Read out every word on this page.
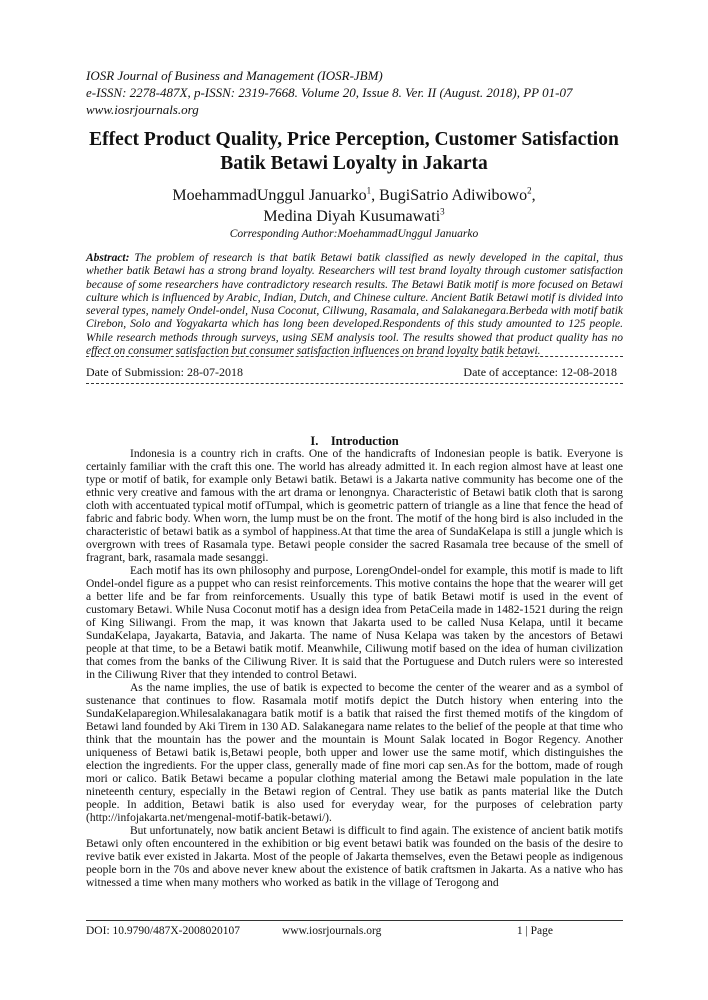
IOSR Journal of Business and Management (IOSR-JBM)
e-ISSN: 2278-487X, p-ISSN: 2319-7668. Volume 20, Issue 8. Ver. II (August. 2018), PP 01-07
www.iosrjournals.org
Effect Product Quality, Price Perception, Customer Satisfaction
Batik Betawi Loyalty in Jakarta
MoehammadUnggul Januarko$^1$, BugiSatrio Adiwibowo$^2$,
Medina Diyah Kusumawati$^3$
Corresponding Author:MoehammadUnggul Januarko
Abstract: The problem of research is that batik Betawi batik classified as newly developed in the capital, thus whether batik Betawi has a strong brand loyalty. Researchers will test brand loyalty through customer satisfaction because of some researchers have contradictory research results. The Betawi Batik motif is more focused on Betawi culture which is influenced by Arabic, Indian, Dutch, and Chinese culture. Ancient Batik Betawi motif is divided into several types, namely Ondel-ondel, Nusa Coconut, Ciliwung, Rasamala, and Salakanegara.Berbeda with motif batik Cirebon, Solo and Yogyakarta which has long been developed.Respondents of this study amounted to 125 people. While research methods through surveys, using SEM analysis tool. The results showed that product quality has no effect on consumer satisfaction but consumer satisfaction influences on brand loyalty batik betawi.
Date of Submission: 28-07-2018	Date of acceptance: 12-08-2018
I.    Introduction

Indonesia is a country rich in crafts. One of the handicrafts of Indonesian people is batik. Everyone is certainly familiar with the craft this one. The world has already admitted it. In each region almost have at least one type or motif of batik, for example only Betawi batik. Betawi is a Jakarta native community has become one of the ethnic very creative and famous with the art drama or lenongnya. Characteristic of Betawi batik cloth that is sarong cloth with accentuated typical motif ofTumpal, which is geometric pattern of triangle as a line that fence the head of fabric and fabric body. When worn, the lump must be on the front. The motif of the hong bird is also included in the characteristic of betawi batik as a symbol of happiness.At that time the area of SundaKelapa is still a jungle which is overgrown with trees of Rasamala type. Betawi people consider the sacred Rasamala tree because of the smell of fragrant, bark, rasamala made sesanggi.

Each motif has its own philosophy and purpose, LorengOndel-ondel for example, this motif is made to lift Ondel-ondel figure as a puppet who can resist reinforcements. This motive contains the hope that the wearer will get a better life and be far from reinforcements. Usually this type of batik Betawi motif is used in the event of customary Betawi. While Nusa Coconut motif has a design idea from PetaCeila made in 1482-1521 during the reign of King Siliwangi. From the map, it was known that Jakarta used to be called Nusa Kelapa, until it became SundaKelapa, Jayakarta, Batavia, and Jakarta. The name of Nusa Kelapa was taken by the ancestors of Betawi people at that time, to be a Betawi batik motif. Meanwhile, Ciliwung motif based on the idea of human civilization that comes from the banks of the Ciliwung River. It is said that the Portuguese and Dutch rulers were so interested in the Ciliwung River that they intended to control Betawi.

As the name implies, the use of batik is expected to become the center of the wearer and as a symbol of sustenance that continues to flow. Rasamala motif motifs depict the Dutch history when entering into the SundaKelaparegion.Whilesalakanagara batik motif is a batik that raised the first themed motifs of the kingdom of Betawi land founded by Aki Tirem in 130 AD. Salakanegara name relates to the belief of the people at that time who think that the mountain has the power and the mountain is Mount Salak located in Bogor Regency. Another uniqueness of Betawi batik is,Betawi people, both upper and lower use the same motif, which distinguishes the election the ingredients. For the upper class, generally made of fine mori cap sen.As for the bottom, made of rough mori or calico. Batik Betawi became a popular clothing material among the Betawi male population in the late nineteenth century, especially in the Betawi region of Central. They use batik as pants material like the Dutch people. In addition, Betawi batik is also used for everyday wear, for the purposes of celebration party (http://infojakarta.net/mengenal-motif-batik-betawi/).

But unfortunately, now batik ancient Betawi is difficult to find again. The existence of ancient batik motifs Betawi only often encountered in the exhibition or big event betawi batik was founded on the basis of the desire to revive batik ever existed in Jakarta. Most of the people of Jakarta themselves, even the Betawi people as indigenous people born in the 70s and above never knew about the existence of batik craftsmen in Jakarta. As a native who has witnessed a time when many mothers who worked as batik in the village of Terogong and

DOI: 10.9790/487X-2008020107	www.iosrjournals.org	1 | Page
